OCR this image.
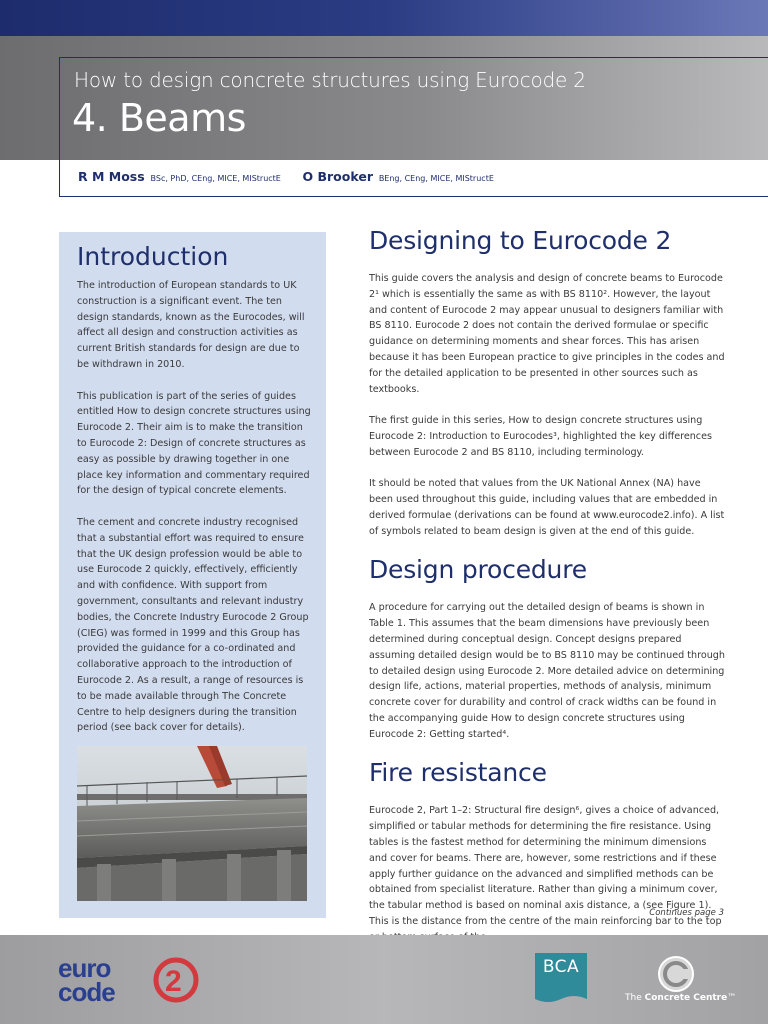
How to design concrete structures using Eurocode 2
4. Beams
R M Moss BSc, PhD, CEng, MICE, MIStructE O Brooker BEng, CEng, MICE, MIStructE
Introduction

The introduction of European standards to UK construction is a significant event. The ten design standards, known as the Eurocodes, will affect all design and construction activities as current British standards for design are due to be withdrawn in 2010.

This publication is part of the series of guides entitled How to design concrete structures using Eurocode 2. Their aim is to make the transition to Eurocode 2: Design of concrete structures as easy as possible by drawing together in one place key information and commentary required for the design of typical concrete elements.

The cement and concrete industry recognised that a substantial effort was required to ensure that the UK design profession would be able to use Eurocode 2 quickly, effectively, efficiently and with confidence. With support from government, consultants and relevant industry bodies, the Concrete Industry Eurocode 2 Group (CIEG) was formed in 1999 and this Group has provided the guidance for a co-ordinated and collaborative approach to the introduction of Eurocode 2. As a result, a range of resources is to be made available through The Concrete Centre to help designers during the transition period (see back cover for details).

Designing to Eurocode 2

This guide covers the analysis and design of concrete beams to Eurocode 2¹ which is essentially the same as with BS 8110². However, the layout and content of Eurocode 2 may appear unusual to designers familiar with BS 8110. Eurocode 2 does not contain the derived formulae or specific guidance on determining moments and shear forces. This has arisen because it has been European practice to give principles in the codes and for the detailed application to be presented in other sources such as textbooks.

The first guide in this series, How to design concrete structures using Eurocode 2: Introduction to Eurocodes³, highlighted the key differences between Eurocode 2 and BS 8110, including terminology.

It should be noted that values from the UK National Annex (NA) have been used throughout this guide, including values that are embedded in derived formulae (derivations can be found at www.eurocode2.info). A list of symbols related to beam design is given at the end of this guide.

Design procedure

A procedure for carrying out the detailed design of beams is shown in Table 1. This assumes that the beam dimensions have previously been determined during conceptual design. Concept designs prepared assuming detailed design would be to BS 8110 may be continued through to detailed design using Eurocode 2. More detailed advice on determining design life, actions, material properties, methods of analysis, minimum concrete cover for durability and control of crack widths can be found in the accompanying guide How to design concrete structures using Eurocode 2: Getting started⁴.

Fire resistance

Eurocode 2, Part 1–2: Structural fire design⁶, gives a choice of advanced, simplified or tabular methods for determining the fire resistance. Using tables is the fastest method for determining the minimum dimensions and cover for beams. There are, however, some restrictions and if these apply further guidance on the advanced and simplified methods can be obtained from specialist literature. Rather than giving a minimum cover, the tabular method is based on nominal axis distance, a (see Figure 1). This is the distance from the centre of the main reinforcing bar to the top

Continues page 3
euro
code 2	BCA
The Concrete Centre™
